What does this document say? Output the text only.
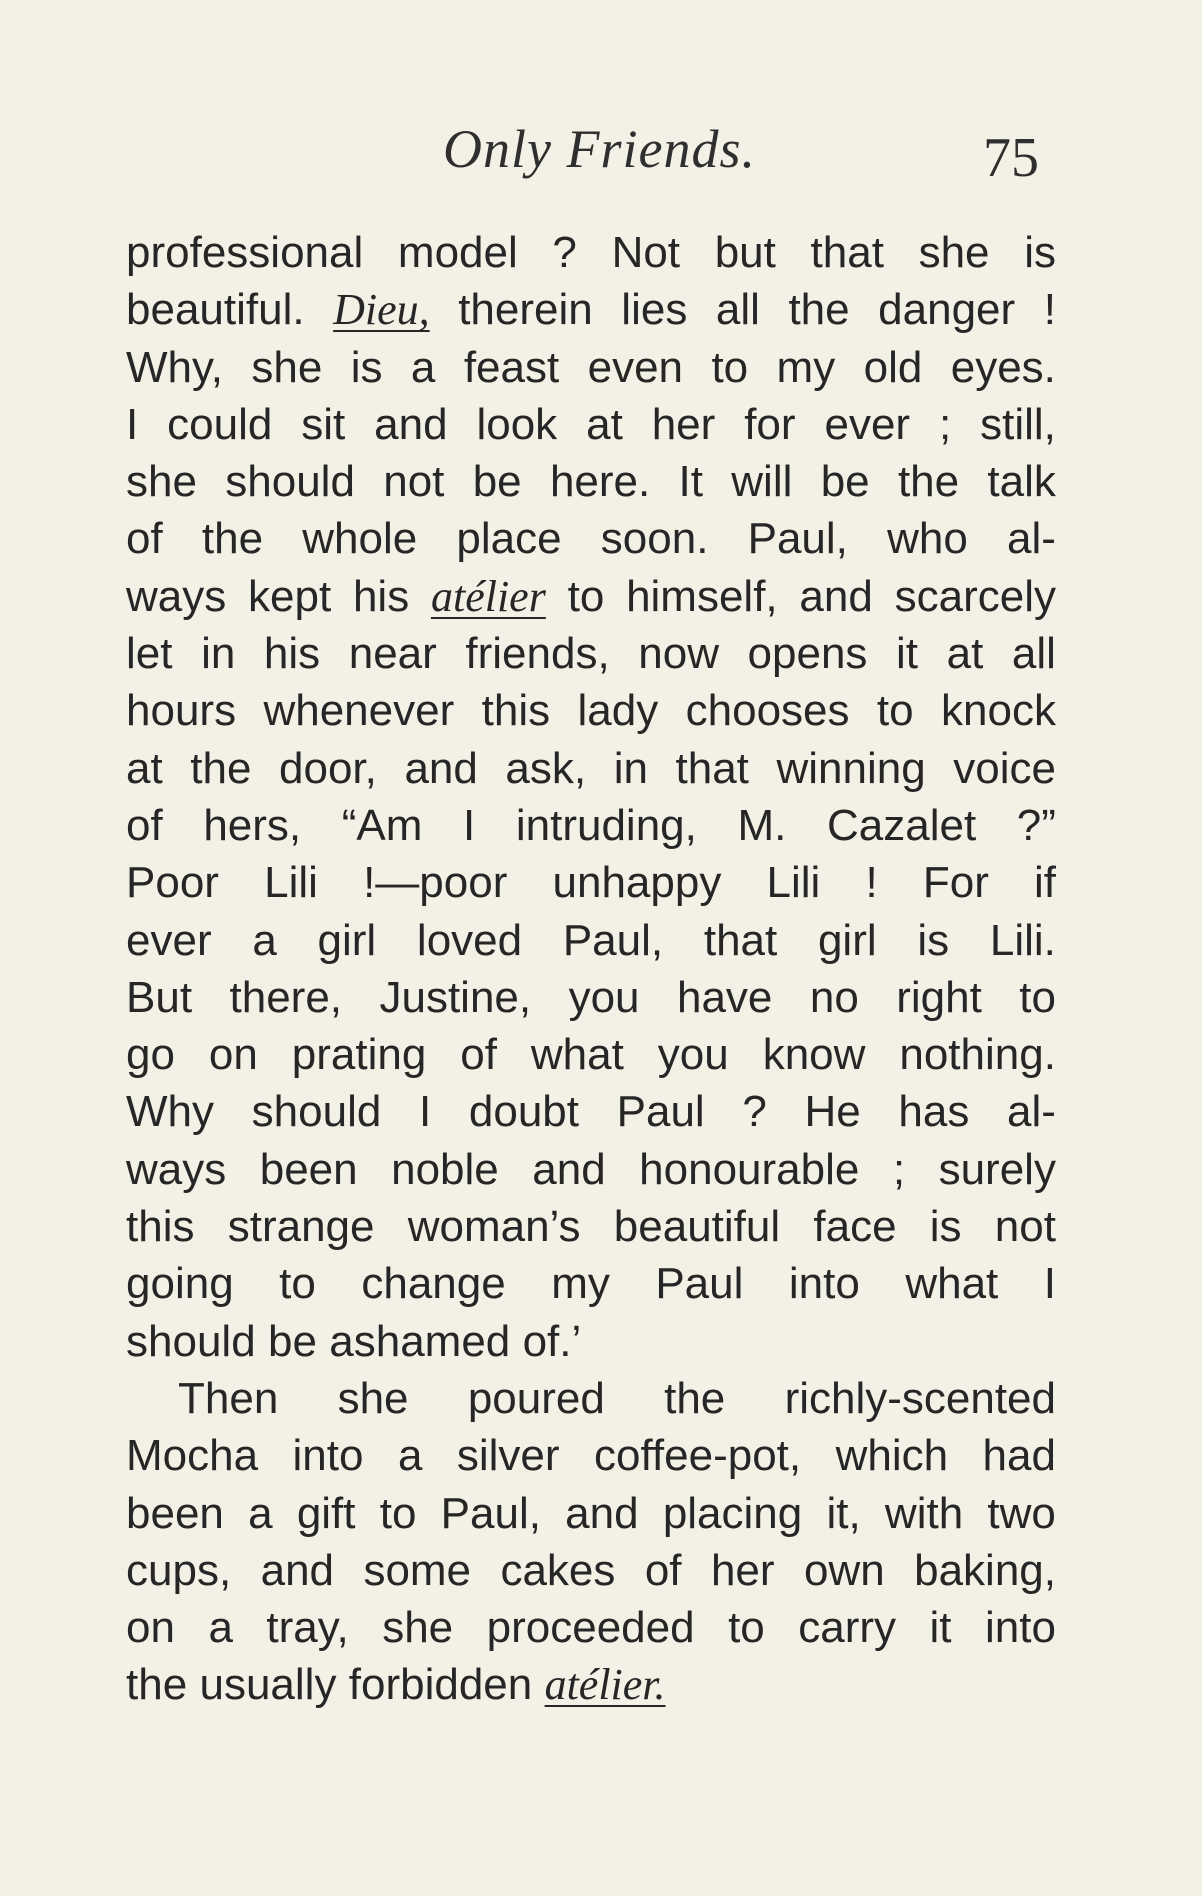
Only Friends.	75
professional model ? Not but that she is
beautiful. Dieu, therein lies all the danger !
Why, she is a feast even to my old eyes.
I could sit and look at her for ever ; still,
she should not be here. It will be the talk
of the whole place soon. Paul, who al-
ways kept his atélier to himself, and scarcely
let in his near friends, now opens it at all
hours whenever this lady chooses to knock
at the door, and ask, in that winning voice
of hers, “Am I intruding, M. Cazalet ?”
Poor Lili !—poor unhappy Lili ! For if
ever a girl loved Paul, that girl is Lili.
But there, Justine, you have no right to
go on prating of what you know nothing.
Why should I doubt Paul ? He has al-
ways been noble and honourable ; surely
this strange woman’s beautiful face is not
going to change my Paul into what I
should be ashamed of.’
Then she poured the richly-scented
Mocha into a silver coffee-pot, which had
been a gift to Paul, and placing it, with two
cups, and some cakes of her own baking,
on a tray, she proceeded to carry it into
the usually forbidden atélier.
